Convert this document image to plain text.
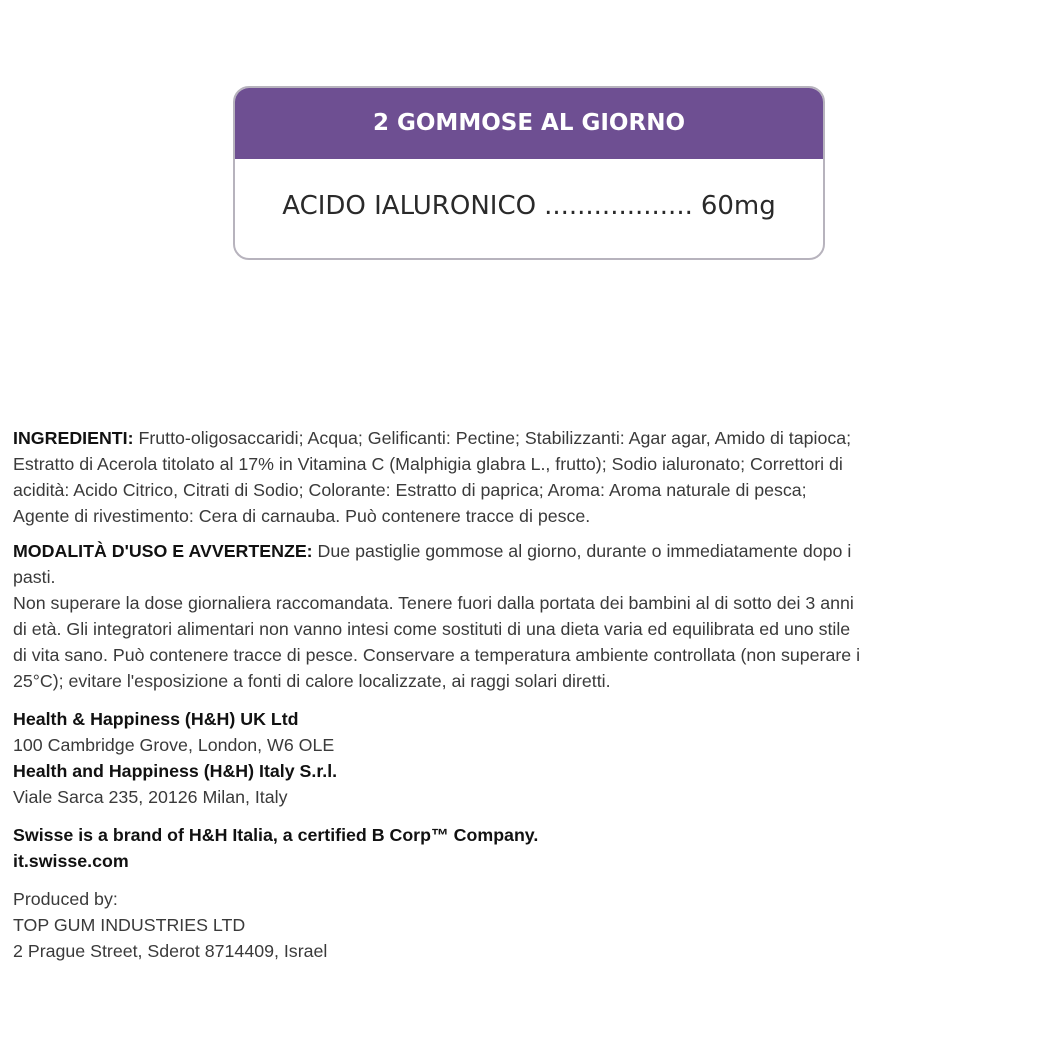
2 GOMMOSE AL GIORNO
ACIDO IALURONICO .................. 60mg
INGREDIENTI: Frutto-oligosaccaridi; Acqua; Gelificanti: Pectine; Stabilizzanti: Agar agar, Amido di tapioca;
Estratto di Acerola titolato al 17% in Vitamina C (Malphigia glabra L., frutto); Sodio ialuronato; Correttori di
acidità: Acido Citrico, Citrati di Sodio; Colorante: Estratto di paprica; Aroma: Aroma naturale di pesca;
Agente di rivestimento: Cera di carnauba. Può contenere tracce di pesce.
MODALITÀ D'USO E AVVERTENZE: Due pastiglie gommose al giorno, durante o immediatamente dopo i
pasti.
Non superare la dose giornaliera raccomandata. Tenere fuori dalla portata dei bambini al di sotto dei 3 anni
di età. Gli integratori alimentari non vanno intesi come sostituti di una dieta varia ed equilibrata ed uno stile
di vita sano. Può contenere tracce di pesce. Conservare a temperatura ambiente controllata (non superare i
25°C); evitare l'esposizione a fonti di calore localizzate, ai raggi solari diretti.
Health & Happiness (H&H) UK Ltd
100 Cambridge Grove, London, W6 OLE
Health and Happiness (H&H) Italy S.r.l.
Viale Sarca 235, 20126 Milan, Italy
Swisse is a brand of H&H Italia, a certified B Corp™ Company.
it.swisse.com
Produced by:
TOP GUM INDUSTRIES LTD
2 Prague Street, Sderot 8714409, Israel
